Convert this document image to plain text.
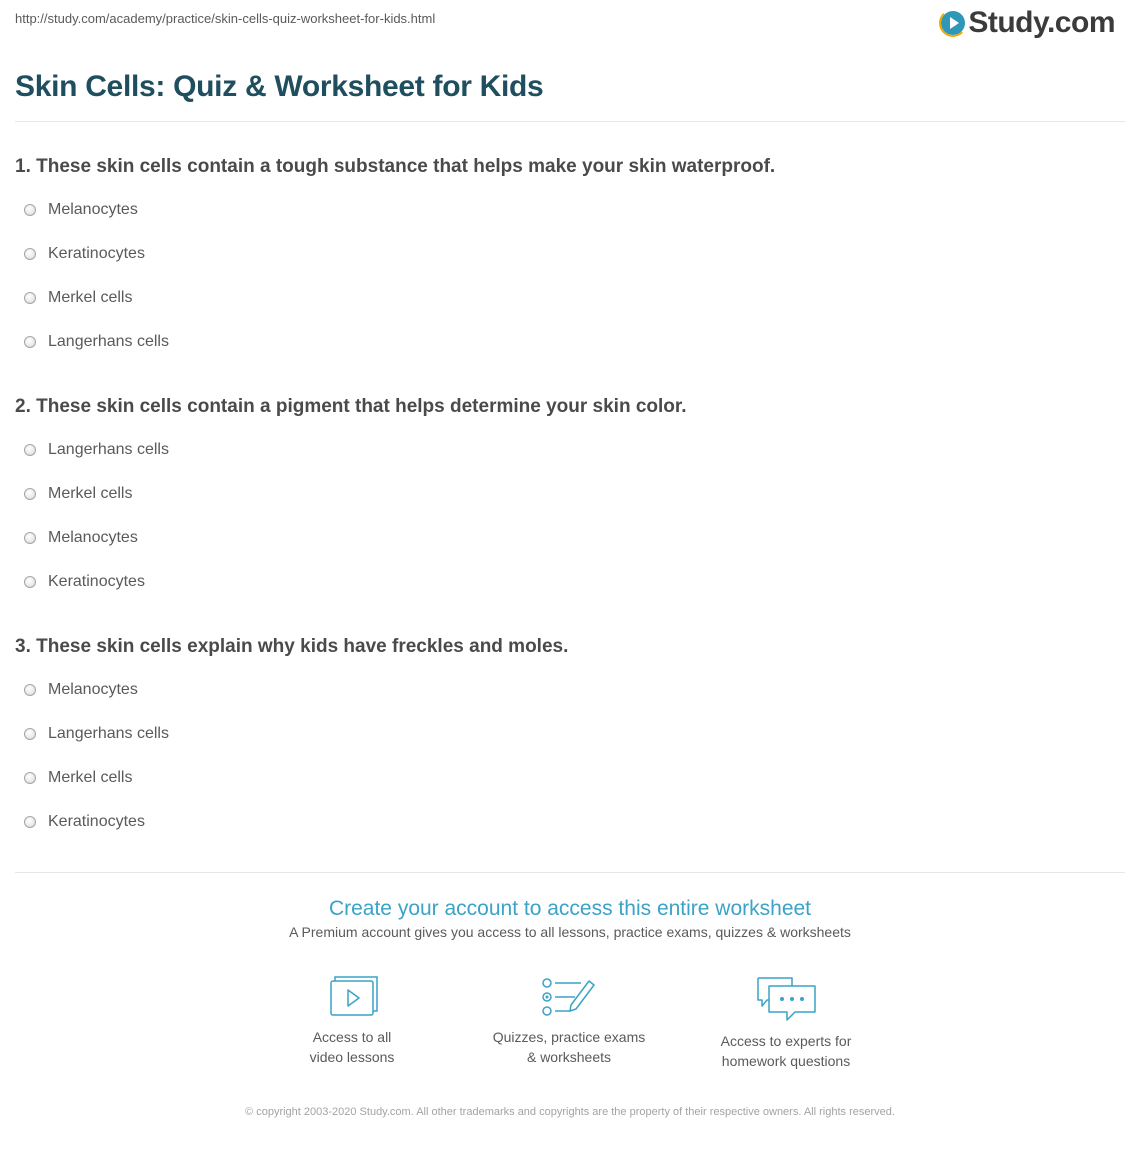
http://study.com/academy/practice/skin-cells-quiz-worksheet-for-kids.html	Study.com
Skin Cells: Quiz & Worksheet for Kids
1. These skin cells contain a tough substance that helps make your skin waterproof.
Melanocytes
Keratinocytes
Merkel cells
Langerhans cells
2. These skin cells contain a pigment that helps determine your skin color.
Langerhans cells
Merkel cells
Melanocytes
Keratinocytes
3. These skin cells explain why kids have freckles and moles.
Melanocytes
Langerhans cells
Merkel cells
Keratinocytes
Create your account to access this entire worksheet
A Premium account gives you access to all lessons, practice exams, quizzes & worksheets
Access to all
video lessons
Quizzes, practice exams
& worksheets
Access to experts for
homework questions
© copyright 2003-2020 Study.com. All other trademarks and copyrights are the property of their respective owners. All rights reserved.
